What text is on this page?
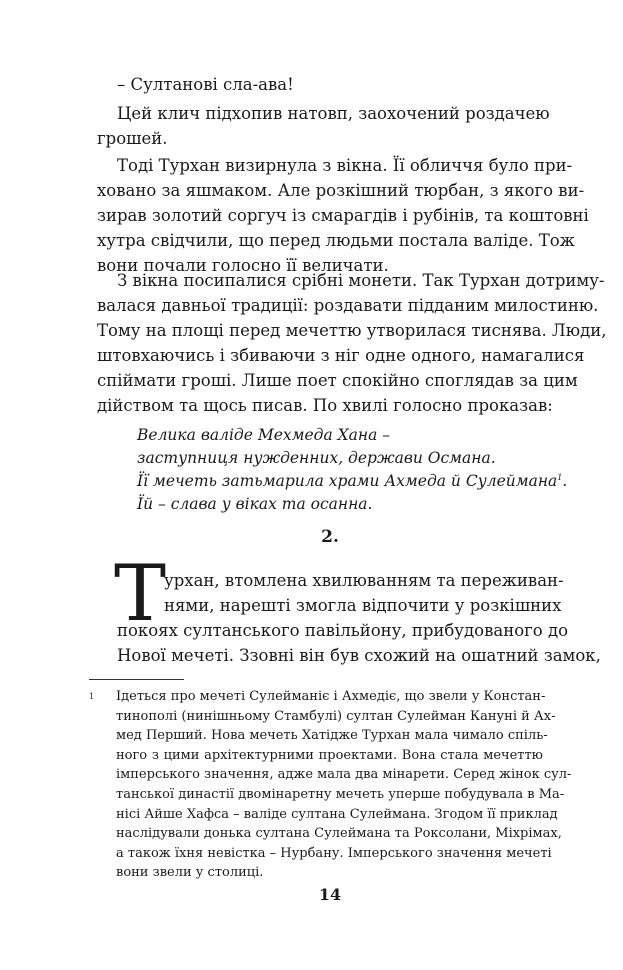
– Султанові сла-ава!

Цей клич підхопив натовп, заохочений роздачею
грошей.

Тоді Турхан визирнула з вікна. Її обличчя було при-
ховано за яшмаком. Але розкішний тюрбан, з якого ви-
зирав золотий соргуч із смарагдів і рубінів, та коштовні
хутра свідчили, що перед людьми постала валіде. Тож
вони почали голосно її величати.

З вікна посипалися срібні монети. Так Турхан дотриму-
валася давньої традиції: роздавати підданим милостиню.
Тому на площі перед мечеттю утворилася тиснява. Люди,
штовхаючись і збиваючи з ніг одне одного, намагалися
спіймати гроші. Лише поет спокійно споглядав за цим
дійством та щось писав. По хвилі голосно проказав:

Велика валіде Мехмеда Хана –
заступниця нужденних, держави Османа.
Її мечеть затьмарила храми Ахмеда й Сулеймана$^1$.
Їй – слава у віках та осанна.

2.

Т

урхан, втомлена хвилюванням та переживан-
нями, нарешті змогла відпочити у розкішних
покоях султанського павільйону, прибудованого до
Нової мечеті. Ззовні він був схожий на ошатний замок,

1 Ідеться про мечеті Сулейманіє і Ахмедіє, що звели у Констан-
тинополі (нинішньому Стамбулі) султан Сулейман Кануні й Ах-
мед Перший. Нова мечеть Хатідже Турхан мала чимало спіль-
ного з цими архітектурними проектами. Вона стала мечеттю
імперського значення, адже мала два мінарети. Серед жінок сул-
танської династії двомінаретну мечеть уперше побудувала в Ма-
нісі Айше Хафса – валіде султана Сулеймана. Згодом її приклад
наслідували донька султана Сулеймана та Роксолани, Міхрімах,
а також їхня невістка – Нурбану. Імперського значення мечеті
вони звели у столиці.

14
